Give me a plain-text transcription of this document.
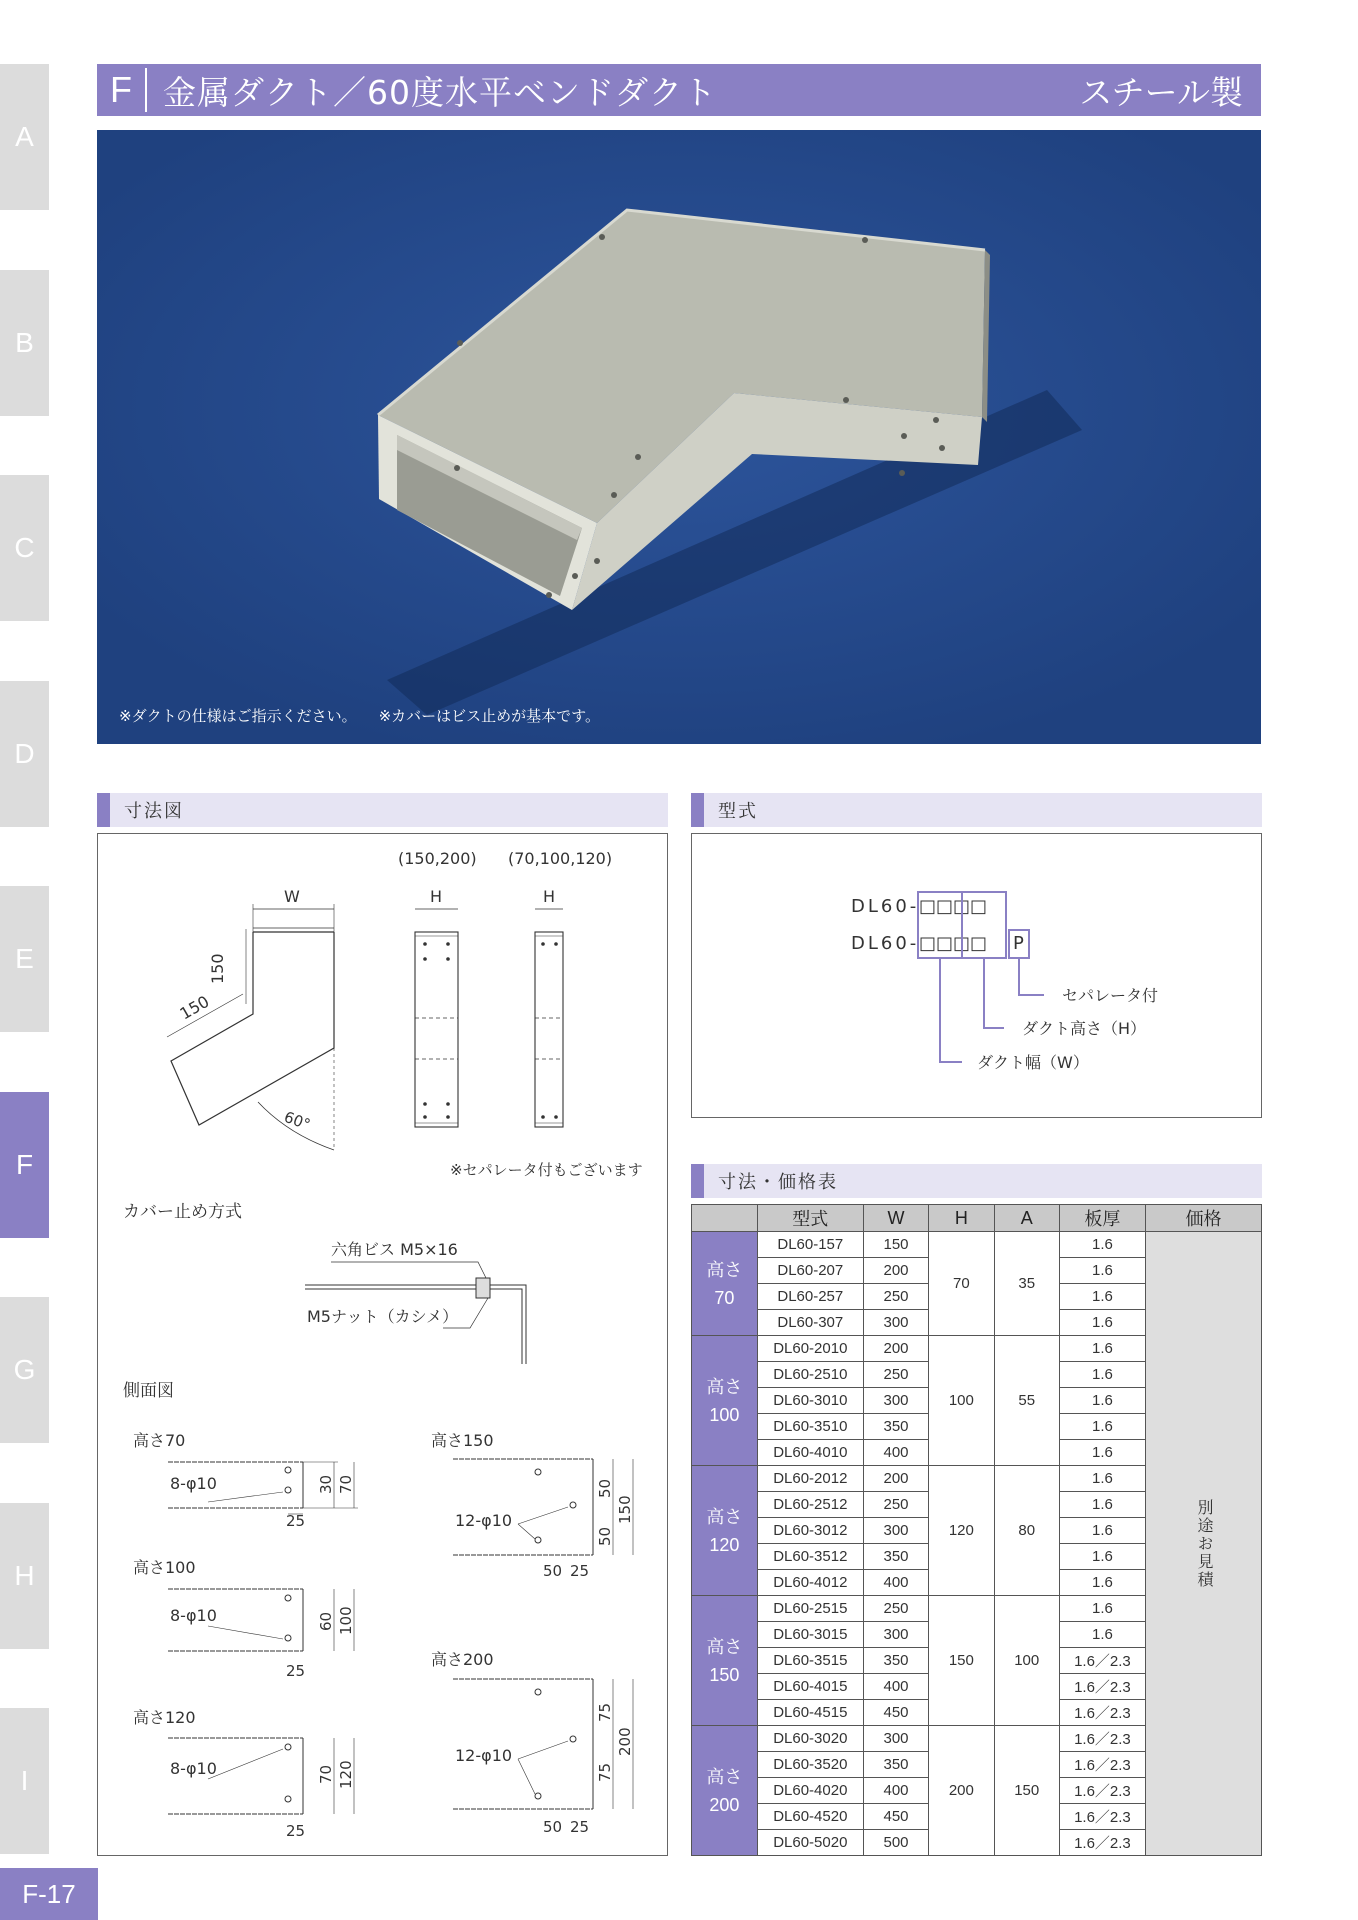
A
B
C
D
E
F
G
H
I
F-17
F 金属ダクト／60度水平ベンドダクト	スチール製
※ダクトの仕様はご指示ください。 ※カバーはビス止めが基本です。
寸法図
W
150
150
60°
(150,200) (70,100,120)
H	H
※セパレータ付もございます
カバー止め方式
六角ビス M5×16
M5ナット（カシメ）
側面図
高さ70
8-φ10	30 70
25
高さ100
8-φ10	60 100
25
高さ120
8-φ10	70 120
25
高さ150
12-φ10
50
50
150
50 25
高さ200
12-φ10
75
75
200
50 25
型式
DL60- □□□□
DL60- □□□□ P
セパレータ付
ダクト高さ（H）
ダクト幅（W）
寸法・価格表
	型式	W	H	A	板厚	価格
高さ
70	DL60-157	150	70	35	1.6	別途お見積
	DL60-207	200			1.6	
	DL60-257	250			1.6	
	DL60-307	300			1.6	
高さ
100	DL60-2010	200	100	55	1.6	
	DL60-2510	250			1.6	
	DL60-3010	300			1.6	
	DL60-3510	350			1.6	
	DL60-4010	400			1.6	
高さ
120	DL60-2012	200	120	80	1.6	
	DL60-2512	250			1.6	
	DL60-3012	300			1.6	
	DL60-3512	350			1.6	
	DL60-4012	400			1.6	
高さ
150	DL60-2515	250	150	100	1.6	
	DL60-3015	300			1.6	
	DL60-3515	350			1.6／2.3	
	DL60-4015	400			1.6／2.3	
	DL60-4515	450			1.6／2.3	
高さ
200	DL60-3020	300	200	150	1.6／2.3	
	DL60-3520	350			1.6／2.3	
	DL60-4020	400			1.6／2.3	
	DL60-4520	450			1.6／2.3	
	DL60-5020	500			1.6／2.3	
